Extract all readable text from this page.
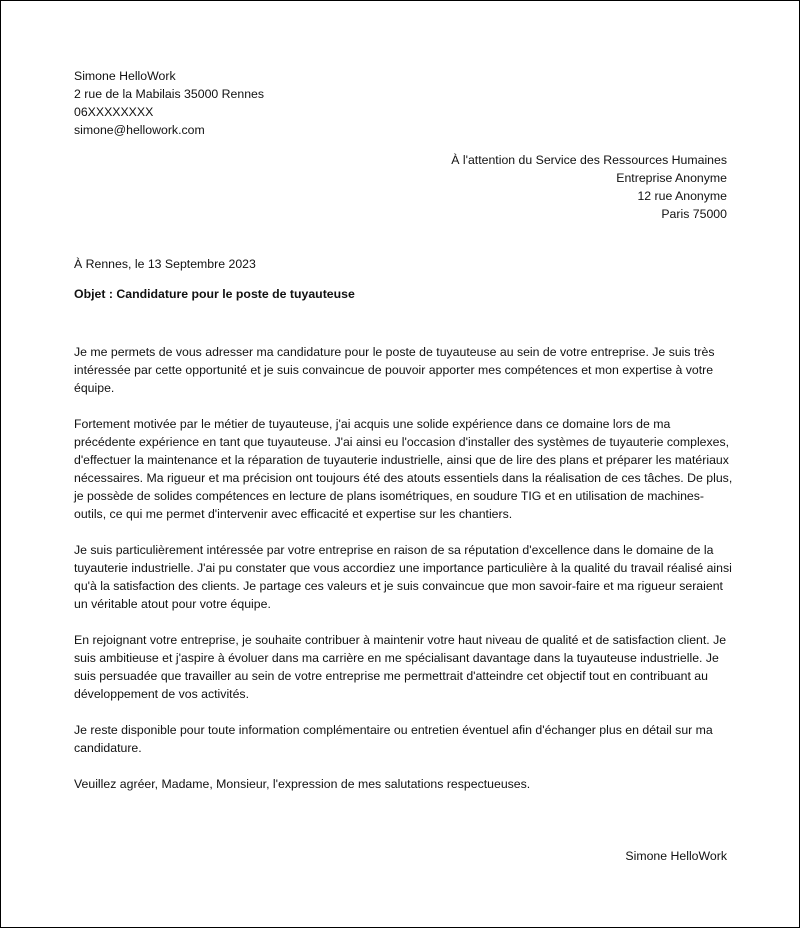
Simone HelloWork
2 rue de la Mabilais 35000 Rennes
06XXXXXXXX
simone@hellowork.com
À l'attention du Service des Ressources Humaines
Entreprise Anonyme
12 rue Anonyme
Paris 75000
À Rennes, le 13 Septembre 2023
Objet : Candidature pour le poste de tuyauteuse

Je me permets de vous adresser ma candidature pour le poste de tuyauteuse au sein de votre entreprise. Je suis très intéressée par cette opportunité et je suis convaincue de pouvoir apporter mes compétences et mon expertise à votre équipe.

Fortement motivée par le métier de tuyauteuse, j'ai acquis une solide expérience dans ce domaine lors de ma précédente expérience en tant que tuyauteuse. J'ai ainsi eu l'occasion d'installer des systèmes de tuyauterie complexes, d'effectuer la maintenance et la réparation de tuyauterie industrielle, ainsi que de lire des plans et préparer les matériaux nécessaires. Ma rigueur et ma précision ont toujours été des atouts essentiels dans la réalisation de ces tâches. De plus, je possède de solides compétences en lecture de plans isométriques, en soudure TIG et en utilisation de machines-outils, ce qui me permet d'intervenir avec efficacité et expertise sur les chantiers.

Je suis particulièrement intéressée par votre entreprise en raison de sa réputation d'excellence dans le domaine de la tuyauterie industrielle. J'ai pu constater que vous accordiez une importance particulière à la qualité du travail réalisé ainsi qu'à la satisfaction des clients. Je partage ces valeurs et je suis convaincue que mon savoir-faire et ma rigueur seraient un véritable atout pour votre équipe.

En rejoignant votre entreprise, je souhaite contribuer à maintenir votre haut niveau de qualité et de satisfaction client. Je suis ambitieuse et j'aspire à évoluer dans ma carrière en me spécialisant davantage dans la tuyauteuse industrielle. Je suis persuadée que travailler au sein de votre entreprise me permettrait d'atteindre cet objectif tout en contribuant au développement de vos activités.

Je reste disponible pour toute information complémentaire ou entretien éventuel afin d'échanger plus en détail sur ma candidature.

Veuillez agréer, Madame, Monsieur, l'expression de mes salutations respectueuses.

Simone HelloWork
